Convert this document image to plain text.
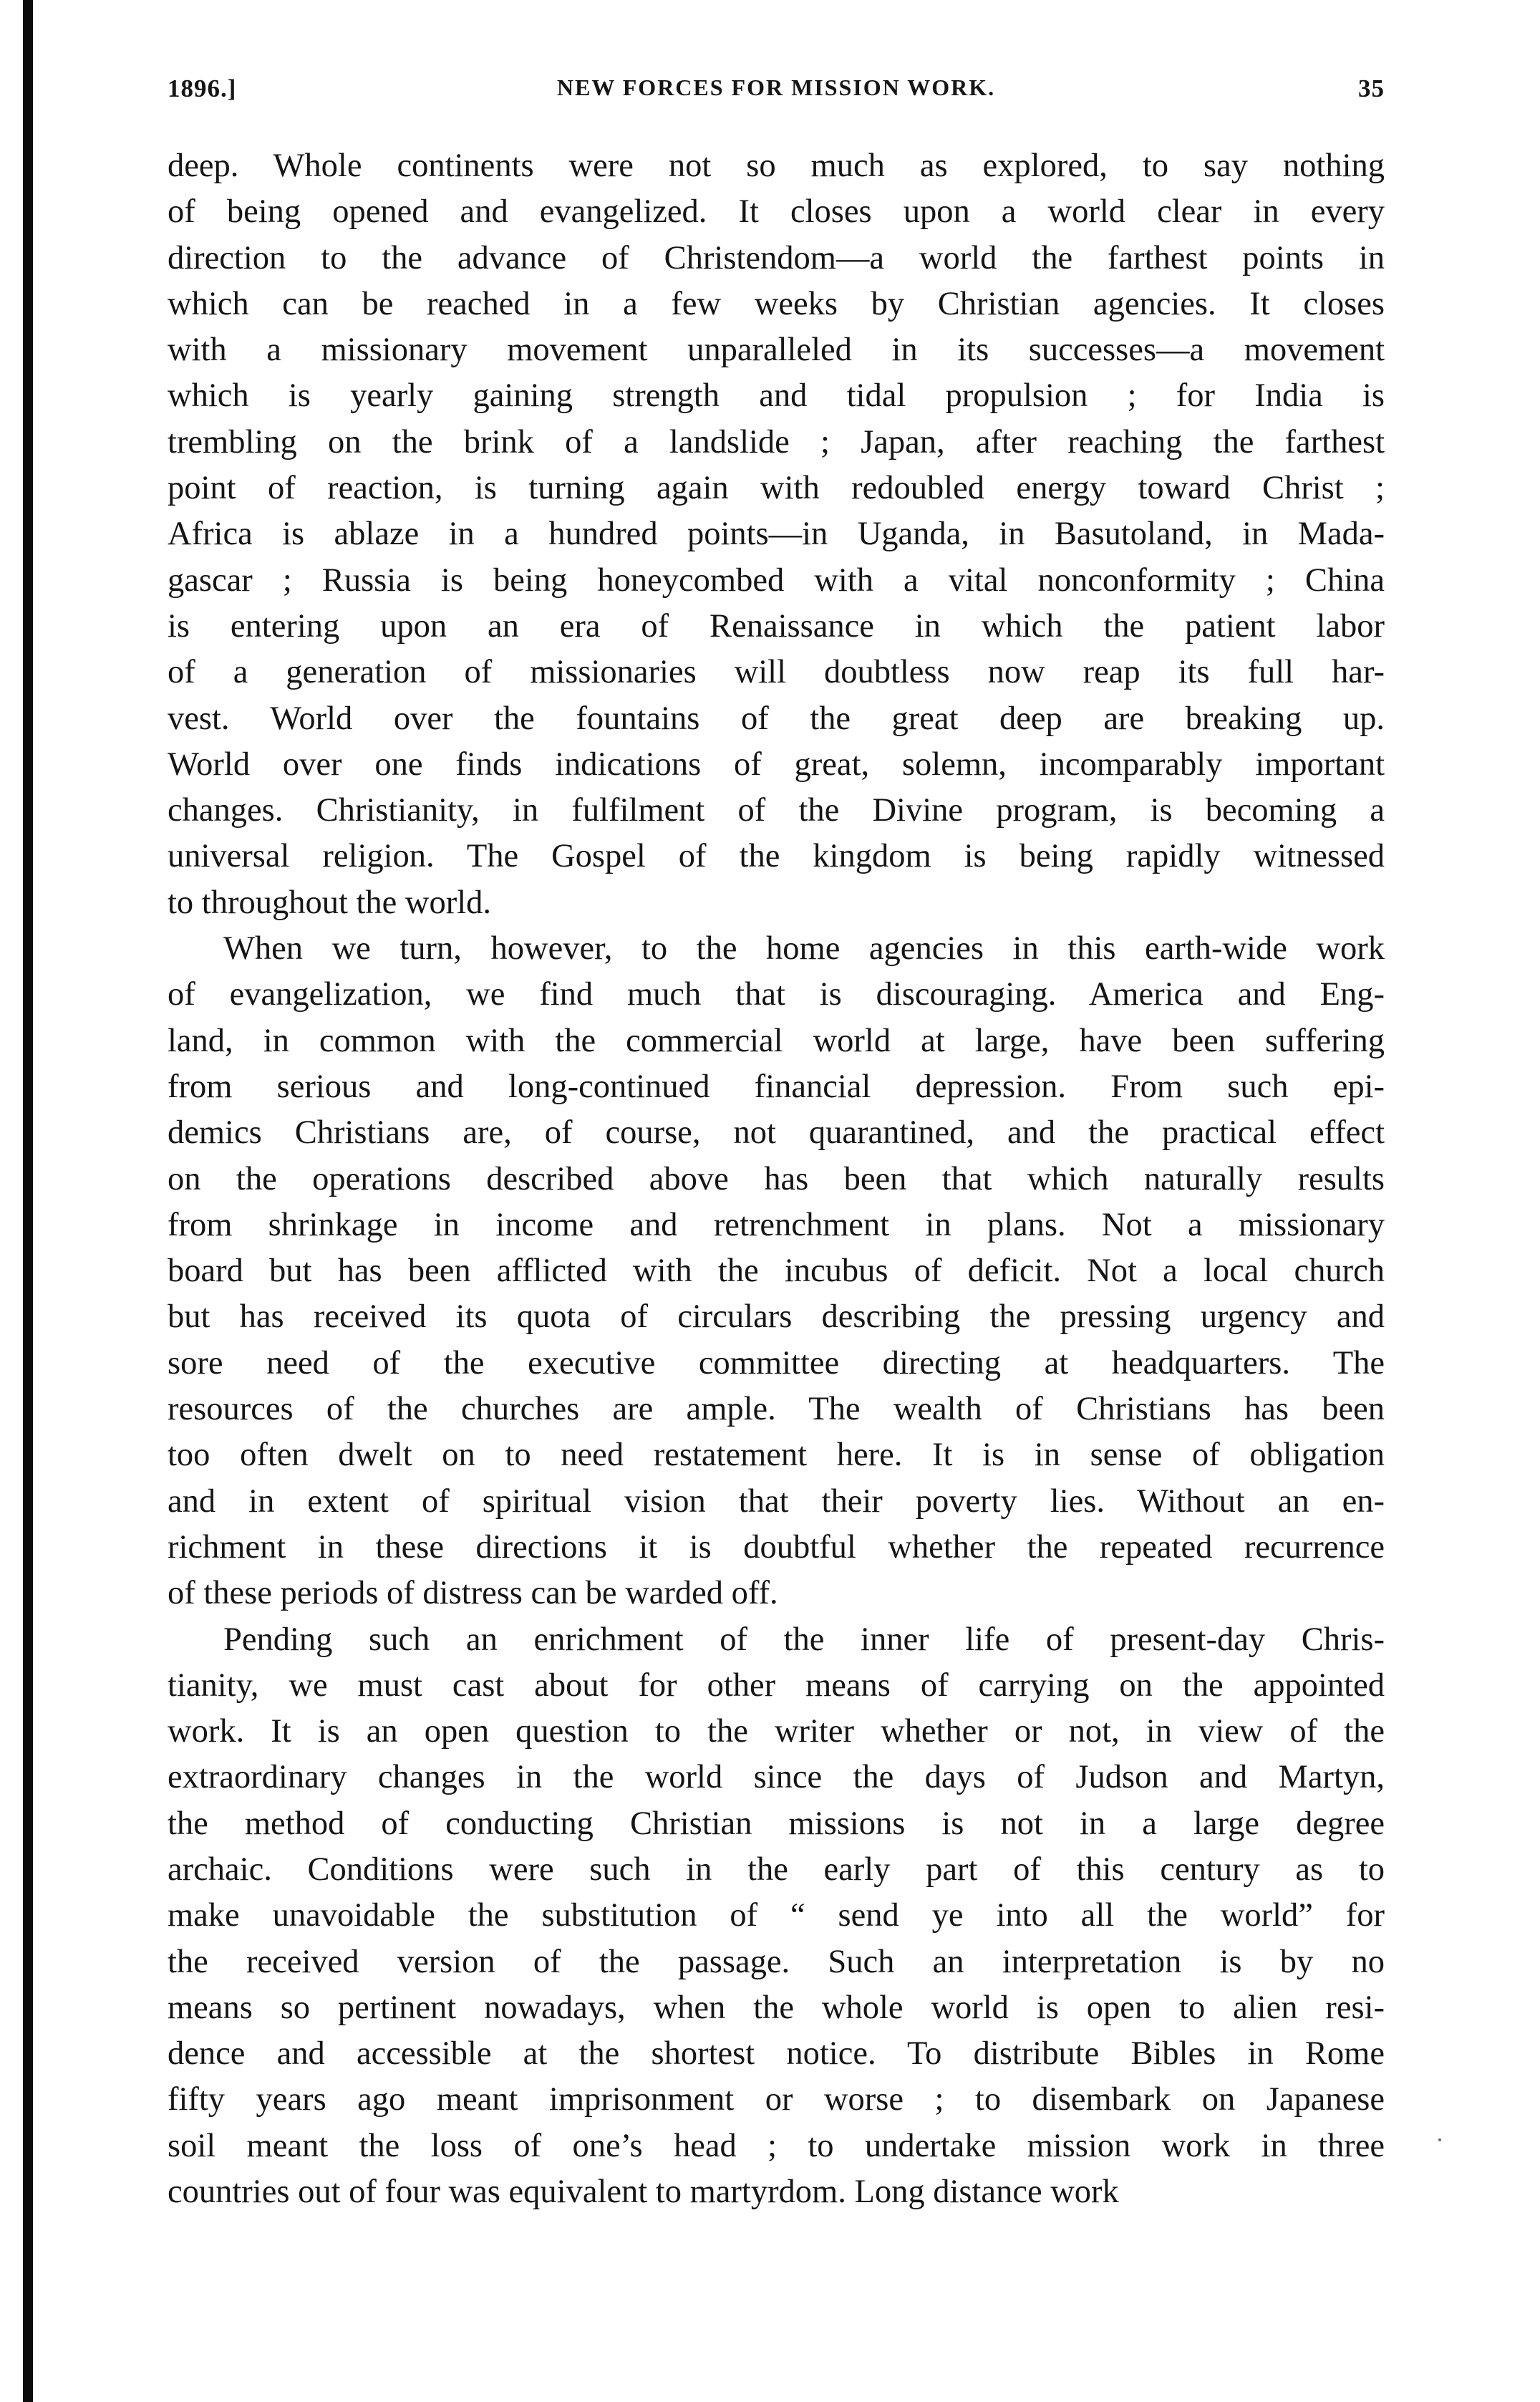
1896.]	NEW FORCES FOR MISSION WORK.	35
deep. Whole continents were not so much as explored, to say nothing
of being opened and evangelized. It closes upon a world clear in every
direction to the advance of Christendom—a world the farthest points in
which can be reached in a few weeks by Christian agencies. It closes
with a missionary movement unparalleled in its successes—a movement
which is yearly gaining strength and tidal propulsion ; for India is
trembling on the brink of a landslide ; Japan, after reaching the farthest
point of reaction, is turning again with redoubled energy toward Christ ;
Africa is ablaze in a hundred points—in Uganda, in Basutoland, in Mada-
gascar ; Russia is being honeycombed with a vital nonconformity ; China
is entering upon an era of Renaissance in which the patient labor
of a generation of missionaries will doubtless now reap its full har-
vest. World over the fountains of the great deep are breaking up.
World over one finds indications of great, solemn, incomparably important
changes. Christianity, in fulfilment of the Divine program, is becoming a
universal religion. The Gospel of the kingdom is being rapidly witnessed
to throughout the world.
When we turn, however, to the home agencies in this earth-wide work
of evangelization, we find much that is discouraging. America and Eng-
land, in common with the commercial world at large, have been suffering
from serious and long-continued financial depression. From such epi-
demics Christians are, of course, not quarantined, and the practical effect
on the operations described above has been that which naturally results
from shrinkage in income and retrenchment in plans. Not a missionary
board but has been afflicted with the incubus of deficit. Not a local church
but has received its quota of circulars describing the pressing urgency and
sore need of the executive committee directing at headquarters. The
resources of the churches are ample. The wealth of Christians has been
too often dwelt on to need restatement here. It is in sense of obligation
and in extent of spiritual vision that their poverty lies. Without an en-
richment in these directions it is doubtful whether the repeated recurrence
of these periods of distress can be warded off.
Pending such an enrichment of the inner life of present-day Chris-
tianity, we must cast about for other means of carrying on the appointed
work. It is an open question to the writer whether or not, in view of the
extraordinary changes in the world since the days of Judson and Martyn,
the method of conducting Christian missions is not in a large degree
archaic. Conditions were such in the early part of this century as to
make unavoidable the substitution of “ send ye into all the world” for
the received version of the passage. Such an interpretation is by no
means so pertinent nowadays, when the whole world is open to alien resi-
dence and accessible at the shortest notice. To distribute Bibles in Rome
fifty years ago meant imprisonment or worse ; to disembark on Japanese
soil meant the loss of one’s head ; to undertake mission work in three
countries out of four was equivalent to martyrdom. Long distance work
